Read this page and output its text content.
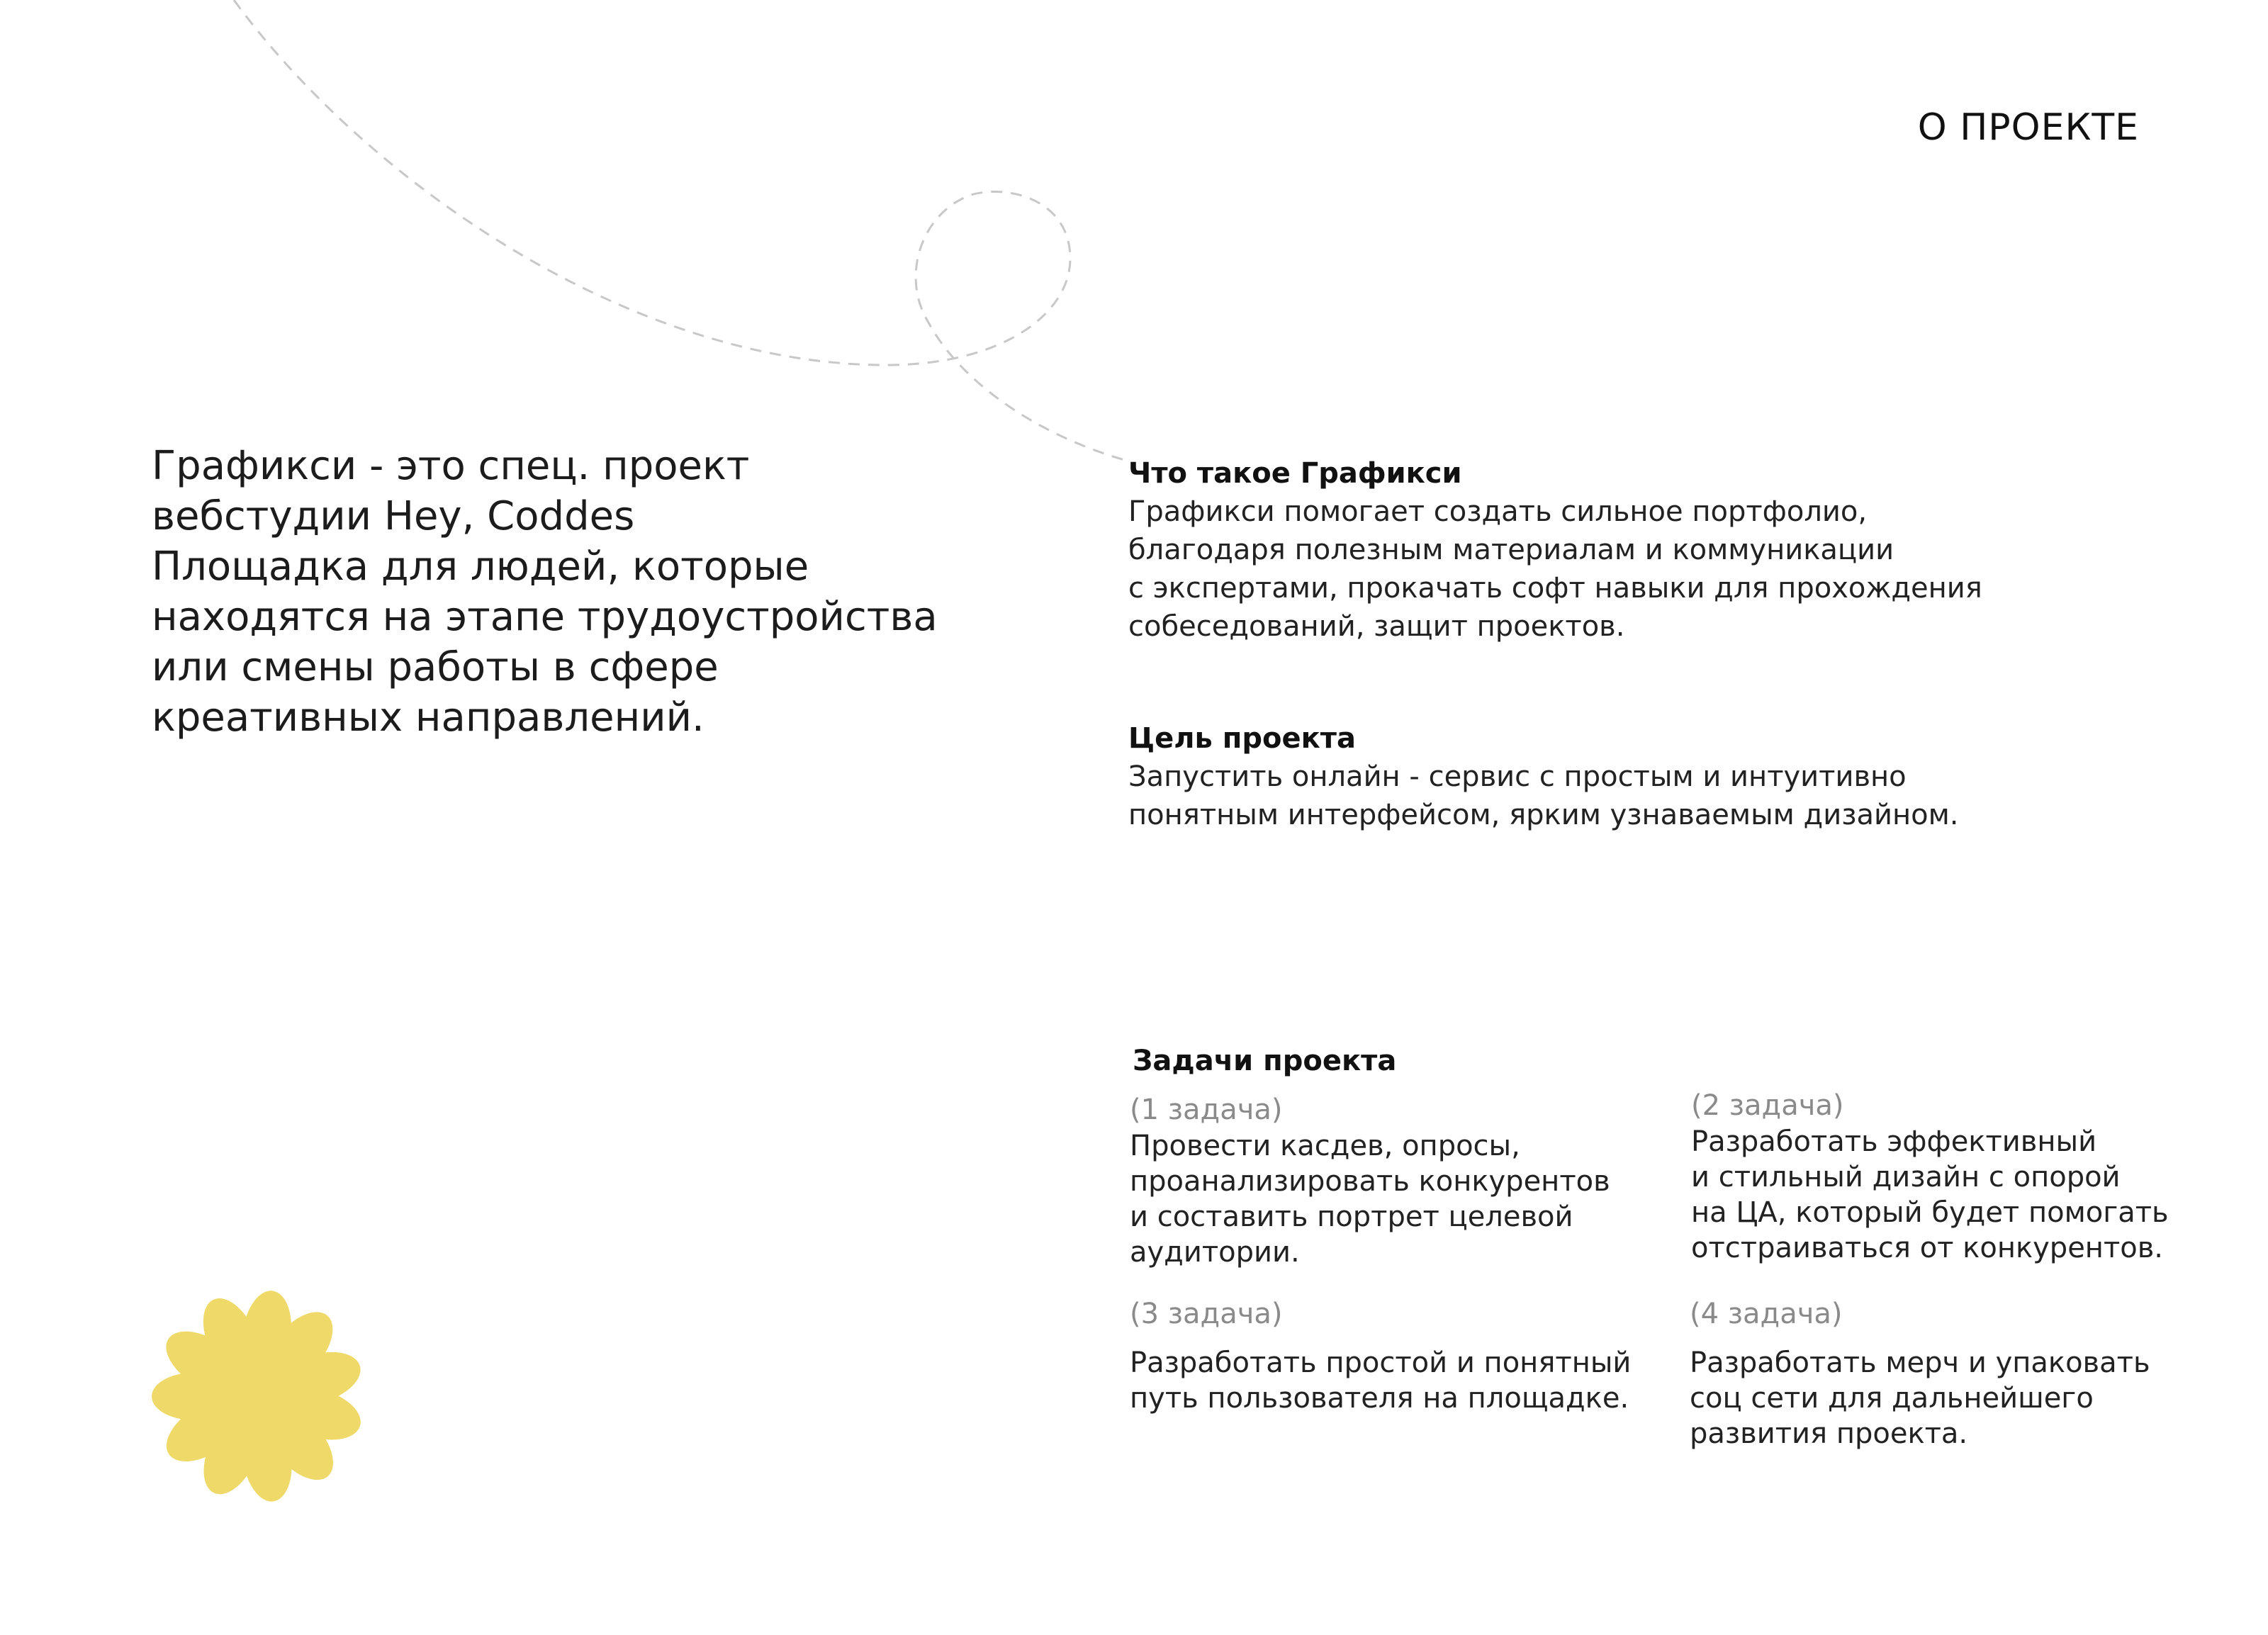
О ПРОЕКТЕ
Графикси - это спец. проект
вебстудии Hey, Coddes
Площадка для людей, которые
находятся на этапе трудоустройства
или смены работы в сфере
креативных направлений.
Что такое Графикси

Графикси помогает создать сильное портфолио,

благодаря полезным материалам и коммуникации

с экспертами, прокачать софт навыки для прохождения

собеседований, защит проектов.

Цель проекта

Запустить онлайн - сервис с простым и интуитивно

понятным интерфейсом, ярким узнаваемым дизайном.

Задачи проекта
(1 задача)
Провести касдев, опросы,
проанализировать конкурентов
и составить портрет целевой
аудитории.
(2 задача)
Разработать эффективный
и стильный дизайн с опорой
на ЦА, который будет помогать
отстраиваться от конкурентов.
(3 задача)
Разработать простой и понятный
путь пользователя на площадке.
(4 задача)
Разработать мерч и упаковать
соц сети для дальнейшего
развития проекта.
